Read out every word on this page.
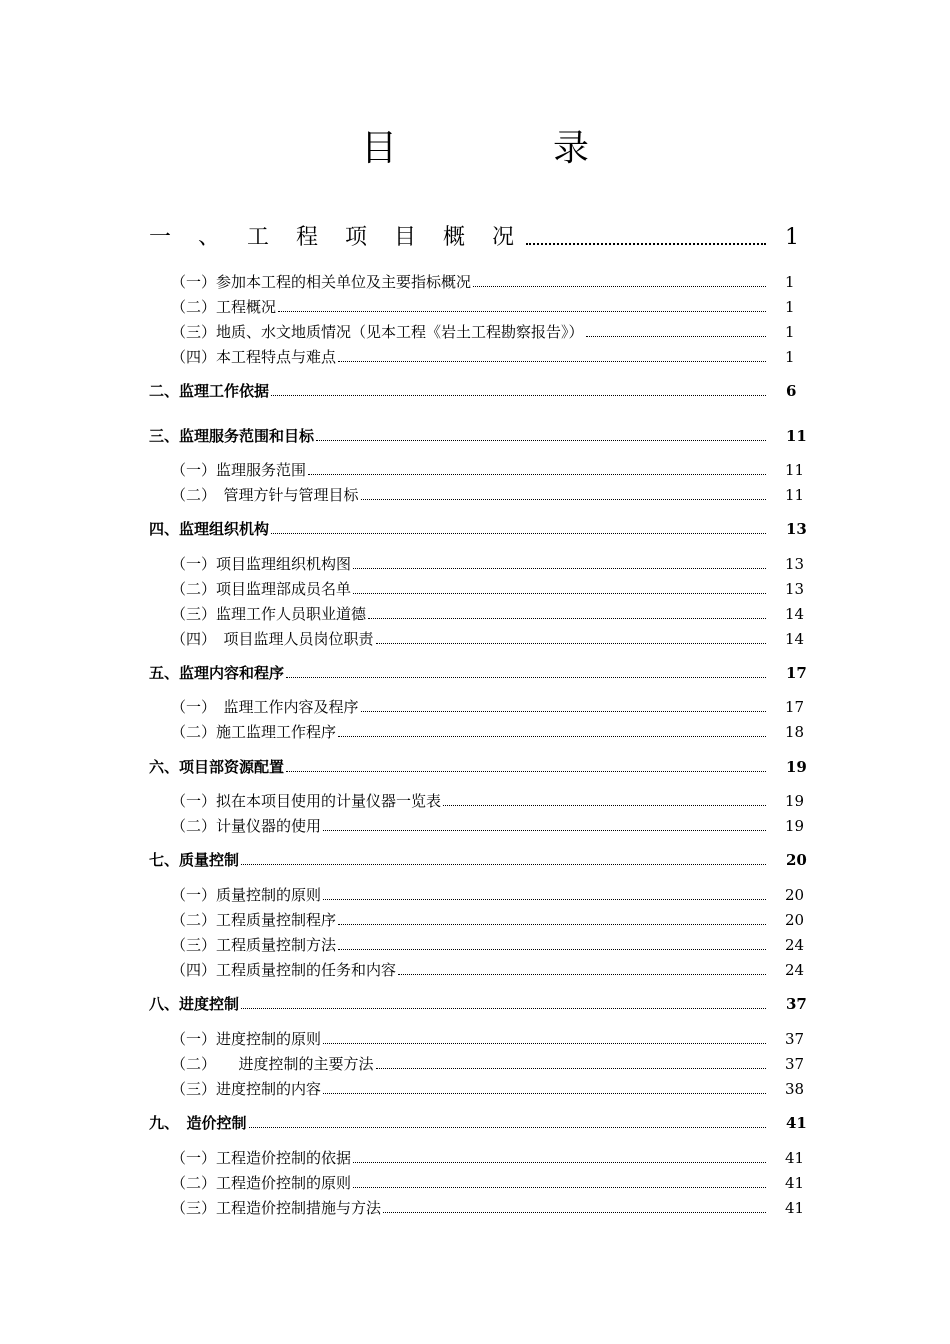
目　录
一 、 工 程 项 目 概 况	1
（一）参加本工程的相关单位及主要指标概况	1
（二）工程概况	1
（三）地质、水文地质情况（见本工程《岩土工程勘察报告》）	1
（四）本工程特点与难点	1
二、监理工作依据	6
三、监理服务范围和目标	11
（一）监理服务范围	11
（二）　管理方针与管理目标	11
四、监理组织机构	13
（一）项目监理组织机构图	13
（二）项目监理部成员名单	13
（三）监理工作人员职业道德	14
（四）　项目监理人员岗位职责	14
五、监理内容和程序	17
（一）　监理工作内容及程序	17
（二）施工监理工作程序	18
六、项目部资源配置	19
（一）拟在本项目使用的计量仪器一览表	19
（二）计量仪器的使用	19
七、质量控制	20
（一）质量控制的原则	20
（二）工程质量控制程序	20
（三）工程质量控制方法	24
（四）工程质量控制的任务和内容	24
八、进度控制	37
（一）进度控制的原则	37
（二）　　进度控制的主要方法	37
（三）进度控制的内容	38
九、　造价控制	41
（一）工程造价控制的依据	41
（二）工程造价控制的原则	41
（三）工程造价控制措施与方法	41
